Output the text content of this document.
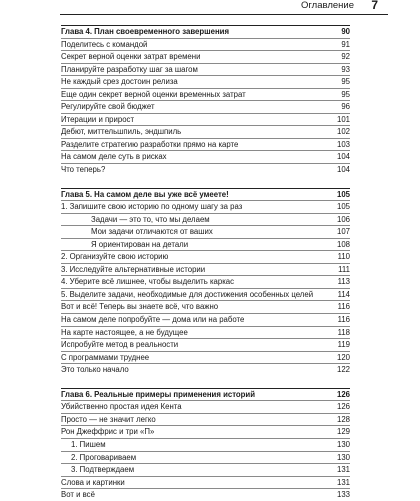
Оглавление 7
Глава 4. План своевременного завершения	90
Поделитесь с командой	91
Секрет верной оценки затрат времени	92
Планируйте разработку шаг за шагом	93
Не каждый срез достоин релиза	95
Еще один секрет верной оценки временных затрат	95
Регулируйте свой бюджет	96
Итерации и прирост	101
Дебют, миттельшпиль, эндшпиль	102
Разделите стратегию разработки прямо на карте	103
На самом деле суть в рисках	104
Что теперь?	104
Глава 5. На самом деле вы уже всё умеете!	105
1. Запишите свою историю по одному шагу за раз	105
Задачи — это то, что мы делаем	106
Мои задачи отличаются от ваших	107
Я ориентирован на детали	108
2. Организуйте свою историю	110
3. Исследуйте альтернативные истории	111
4. Уберите всё лишнее, чтобы выделить каркас	113
5. Выделите задачи, необходимые для достижения особенных целей	114
Вот и всё! Теперь вы знаете всё, что важно	116
На самом деле попробуйте — дома или на работе	116
На карте настоящее, а не будущее	118
Испробуйте метод в реальности	119
С программами труднее	120
Это только начало	122
Глава 6. Реальные примеры применения историй	126
Убийственно простая идея Кента	126
Просто — не значит легко	128
Рон Джеффрис и три «П»	129
1. Пишем	130
2. Проговариваем	130
3. Подтверждаем	131
Слова и картинки	131
Вот и всё	133
